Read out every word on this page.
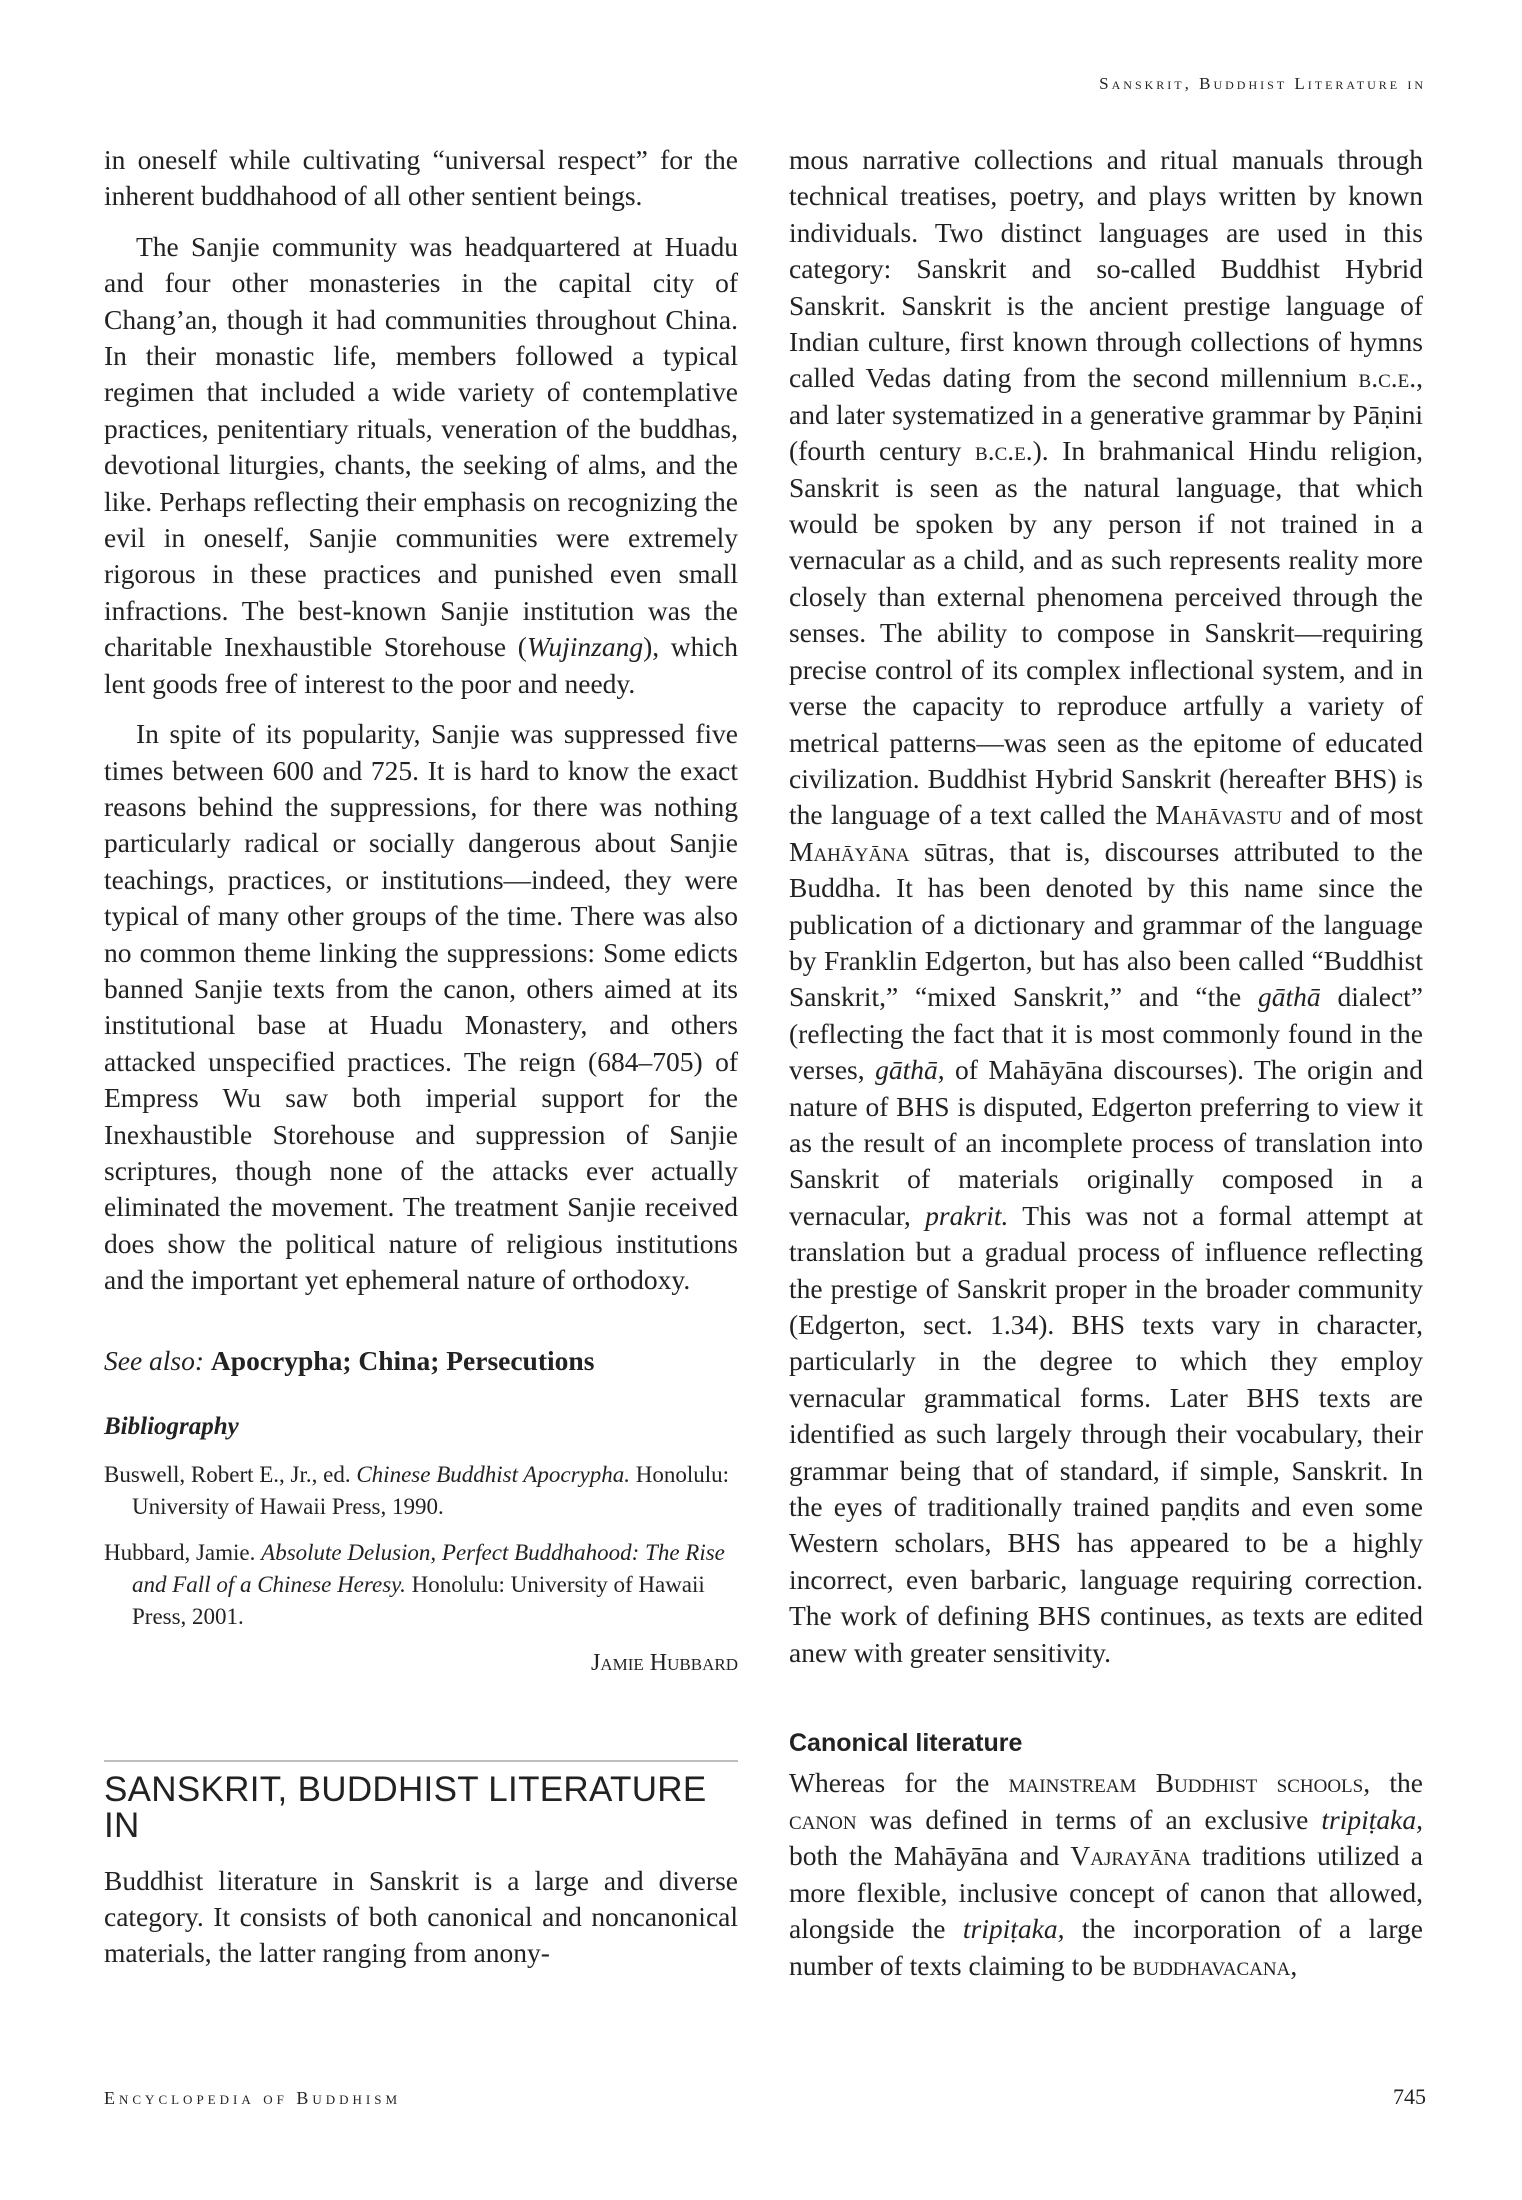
Sanskrit, Buddhist Literature in

in oneself while cultivating “universal respect” for the inherent buddhahood of all other sentient beings.

The Sanjie community was headquartered at Huadu and four other monasteries in the capital city of Chang’an, though it had communities throughout China. In their monastic life, members followed a typical regimen that included a wide variety of contemplative practices, penitentiary rituals, veneration of the buddhas, devotional liturgies, chants, the seeking of alms, and the like. Perhaps reflecting their emphasis on recognizing the evil in oneself, Sanjie communities were extremely rigorous in these practices and punished even small infractions. The best-known Sanjie institution was the charitable Inexhaustible Storehouse (Wujinzang), which lent goods free of interest to the poor and needy.

In spite of its popularity, Sanjie was suppressed five times between 600 and 725. It is hard to know the exact reasons behind the suppressions, for there was nothing particularly radical or socially dangerous about Sanjie teachings, practices, or institutions—indeed, they were typical of many other groups of the time. There was also no common theme linking the suppressions: Some edicts banned Sanjie texts from the canon, others aimed at its institutional base at Huadu Monastery, and others attacked unspecified practices. The reign (684–705) of Empress Wu saw both imperial support for the Inexhaustible Storehouse and suppression of Sanjie scriptures, though none of the attacks ever actually eliminated the movement. The treatment Sanjie received does show the political nature of religious institutions and the important yet ephemeral nature of orthodoxy.

See also: Apocrypha; China; Persecutions

Bibliography

Buswell, Robert E., Jr., ed. Chinese Buddhist Apocrypha. Honolulu: University of Hawaii Press, 1990.

Hubbard, Jamie. Absolute Delusion, Perfect Buddhahood: The Rise and Fall of a Chinese Heresy. Honolulu: University of Hawaii Press, 2001.

Jamie Hubbard

SANSKRIT, BUDDHIST LITERATURE IN

Buddhist literature in Sanskrit is a large and diverse category. It consists of both canonical and noncanonical materials, the latter ranging from anony-

mous narrative collections and ritual manuals through technical treatises, poetry, and plays written by known individuals. Two distinct languages are used in this category: Sanskrit and so-called Buddhist Hybrid Sanskrit. Sanskrit is the ancient prestige language of Indian culture, first known through collections of hymns called Vedas dating from the second millennium b.c.e., and later systematized in a generative grammar by Pāṇini (fourth century b.c.e.). In brahmanical Hindu religion, Sanskrit is seen as the natural language, that which would be spoken by any person if not trained in a vernacular as a child, and as such represents reality more closely than external phenomena perceived through the senses. The ability to compose in Sanskrit—requiring precise control of its complex inflectional system, and in verse the capacity to reproduce artfully a variety of metrical patterns—was seen as the epitome of educated civilization. Buddhist Hybrid Sanskrit (hereafter BHS) is the language of a text called the Mahāvastu and of most Mahāyāna sūtras, that is, discourses attributed to the Buddha. It has been denoted by this name since the publication of a dictionary and grammar of the language by Franklin Edgerton, but has also been called “Buddhist Sanskrit,” “mixed Sanskrit,” and “the gāthā dialect” (reflecting the fact that it is most commonly found in the verses, gāthā, of Mahāyāna discourses). The origin and nature of BHS is disputed, Edgerton preferring to view it as the result of an incomplete process of translation into Sanskrit of materials originally composed in a vernacular, prakrit. This was not a formal attempt at translation but a gradual process of influence reflecting the prestige of Sanskrit proper in the broader community (Edgerton, sect. 1.34). BHS texts vary in character, particularly in the degree to which they employ vernacular grammatical forms. Later BHS texts are identified as such largely through their vocabulary, their grammar being that of standard, if simple, Sanskrit. In the eyes of traditionally trained paṇḍits and even some Western scholars, BHS has appeared to be a highly incorrect, even barbaric, language requiring correction. The work of defining BHS continues, as texts are edited anew with greater sensitivity.

Canonical literature

Whereas for the mainstream Buddhist schools, the canon was defined in terms of an exclusive tripiṭaka, both the Mahāyāna and Vajrayāna traditions utilized a more flexible, inclusive concept of canon that allowed, alongside the tripiṭaka, the incorporation of a large number of texts claiming to be buddhavacana,

Encyclopedia of Buddhism	745
